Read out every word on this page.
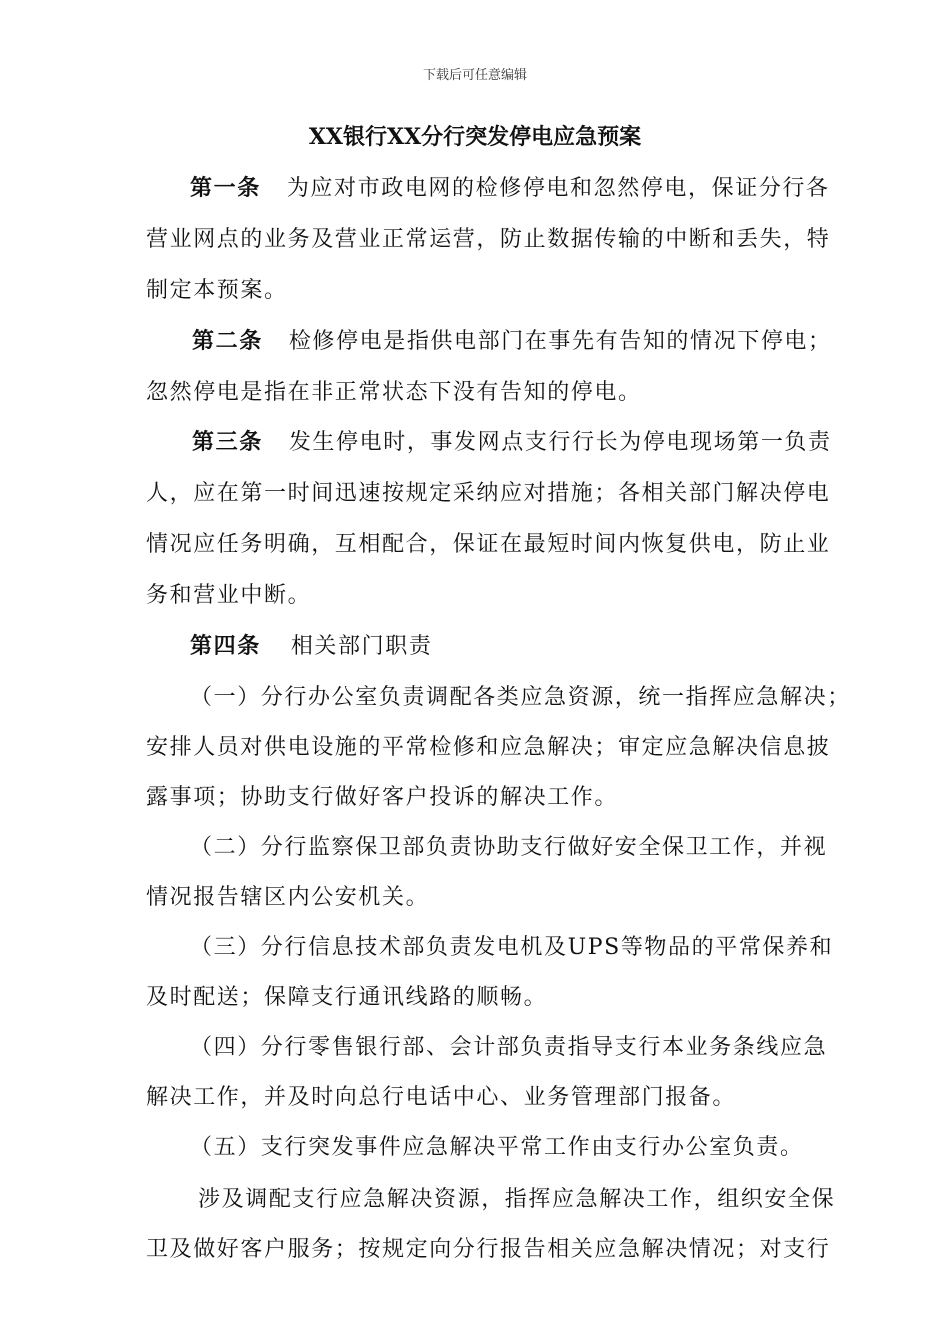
下载后可任意编辑
XX银行XX分行突发停电应急预案
第一条 为应对市政电网的检修停电和忽然停电，保证分行各
营业网点的业务及营业正常运营，防止数据传输的中断和丢失，特
制定本预案。
第二条 检修停电是指供电部门在事先有告知的情况下停电；
忽然停电是指在非正常状态下没有告知的停电。
第三条 发生停电时，事发网点支行行长为停电现场第一负责
人，应在第一时间迅速按规定采纳应对措施；各相关部门解决停电
情况应任务明确，互相配合，保证在最短时间内恢复供电，防止业
务和营业中断。
第四条 相关部门职责
（一）分行办公室负责调配各类应急资源，统一指挥应急解决；
安排人员对供电设施的平常检修和应急解决；审定应急解决信息披
露事项；协助支行做好客户投诉的解决工作。
（二）分行监察保卫部负责协助支行做好安全保卫工作，并视
情况报告辖区内公安机关。
（三）分行信息技术部负责发电机及UPS等物品的平常保养和
及时配送；保障支行通讯线路的顺畅。
（四）分行零售银行部、会计部负责指导支行本业务条线应急
解决工作，并及时向总行电话中心、业务管理部门报备。
（五）支行突发事件应急解决平常工作由支行办公室负责。
涉及调配支行应急解决资源，指挥应急解决工作，组织安全保
卫及做好客户服务；按规定向分行报告相关应急解决情况；对支行
